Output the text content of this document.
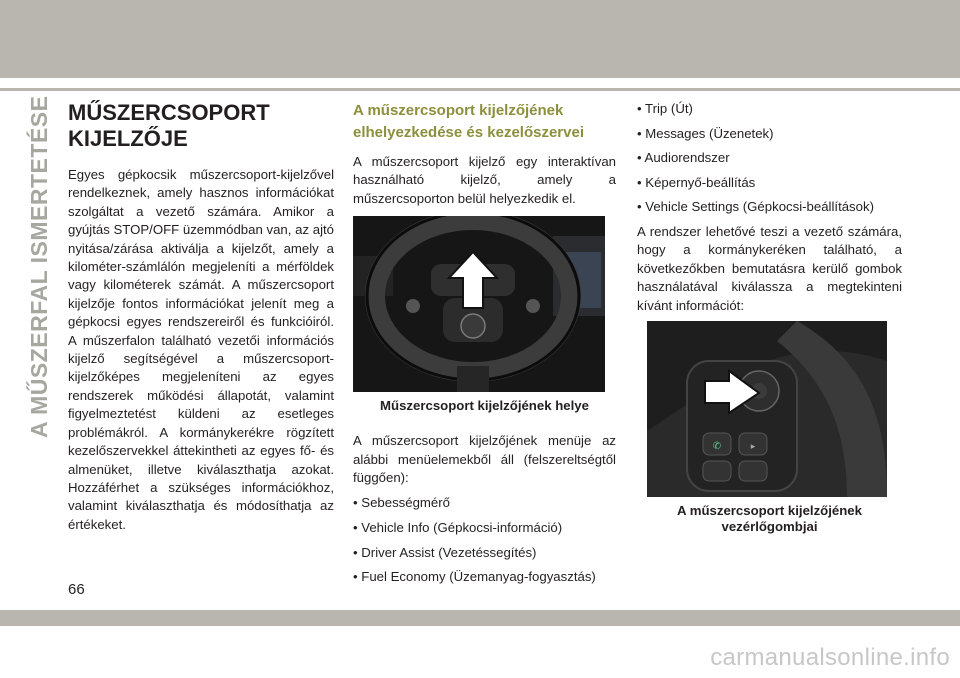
A MŰSZERFAL ISMERTETÉSE MŰSZERCSOPORT
KIJELZŐJE

Egyes gépkocsik műszercsoport-kijelzővel rendelkeznek, amely hasznos információkat szolgáltat a vezető számára. Amikor a gyújtás STOP/OFF üzemmódban van, az ajtó nyitása/zárása aktiválja a kijelzőt, amely a kilométer-számlálón megjeleníti a mérföldek vagy kilométerek számát. A műszercsoport kijelzője fontos információkat jelenít meg a gépkocsi egyes rendszereiről és funkcióiról. A műszerfalon található vezetői információs kijelző segítségével a műszercsoport-kijelzőképes megjeleníteni az egyes rendszerek működési állapotát, valamint figyelmeztetést küldeni az esetleges problémákról. A kormánykerékre rögzített kezelőszervekkel áttekintheti az egyes fő- és almenüket, illetve kiválaszthatja azokat. Hozzáférhet a szükséges információkhoz, valamint kiválaszthatja és módosíthatja az értékeket.

A műszercsoport kijelzőjének
elhelyezkedése és kezelőszervei

A műszercsoport kijelző egy interaktívan használható kijelző, amely a műszercsoporton belül helyezkedik el.

Műszercsoport kijelzőjének helye

A műszercsoport kijelzőjének menüje az alábbi menüelemekből áll (felszereltségtől függően):

• Sebességmérő
• Vehicle Info (Gépkocsi-információ)
• Driver Assist (Vezetéssegítés)
• Fuel Economy (Üzemanyag-fogyasztás)
• Trip (Út)
• Messages (Üzenetek)
• Audiorendszer
• Képernyő-beállítás
• Vehicle Settings (Gépkocsi-beállítások)

A rendszer lehetővé teszi a vezető számára, hogy a kormánykeréken található, a következőkben bemutatásra kerülő gombok használatával kiválassza a megtekinteni kívánt információt:

✆	▸
A műszercsoport kijelzőjének
vezérlőgombjai
66
carmanualsonline.info
